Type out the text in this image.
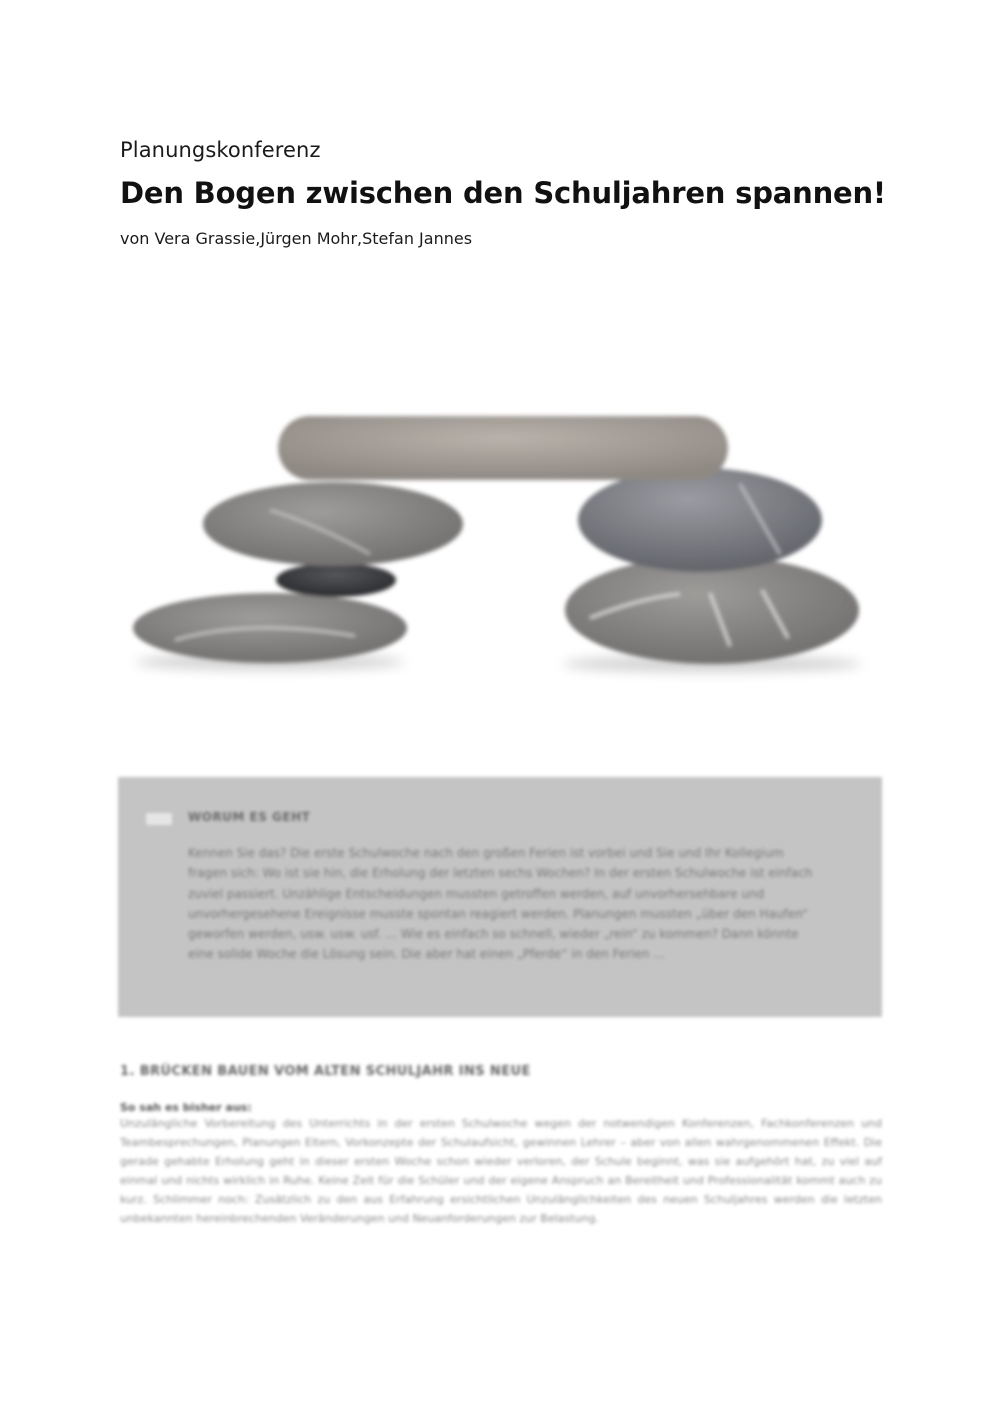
Planungskonferenz
Den Bogen zwischen den Schuljahren spannen!
von Vera Grassie,Jürgen Mohr,Stefan Jannes
WORUM ES GEHT
Kennen Sie das? Die erste Schulwoche nach den großen Ferien ist vorbei und Sie und Ihr Kollegium fragen sich: Wo ist sie hin, die Erholung der letzten sechs Wochen? In der ersten Schulwoche ist einfach zuviel passiert. Unzählige Entscheidungen mussten getroffen werden, auf unvorhersehbare und unvorhergesehene Ereignisse musste spontan reagiert werden. Planungen mussten „über den Haufen“ geworfen werden, usw. usw. usf. ... Wie es einfach so schnell, wieder „rein“ zu kommen? Dann könnte eine solide Woche die Lösung sein. Die aber hat einen „Pferde“ in den Ferien ...
1. BRÜCKEN BAUEN VOM ALTEN SCHULJAHR INS NEUE
So sah es bisher aus:
Unzulängliche Vorbereitung des Unterrichts in der ersten Schulwoche wegen der notwendigen Konferenzen, Fachkonferenzen und Teambesprechungen, Planungen Eltern, Vorkonzepte der Schulaufsicht, gewinnen Lehrer – aber von allen wahrgenommenen Effekt. Die gerade gehabte Erholung geht in dieser ersten Woche schon wieder verloren, der Schule beginnt, was sie aufgehört hat, zu viel auf einmal und nichts wirklich in Ruhe. Keine Zeit für die Schüler und der eigene Anspruch an Bereitheit und Professionalität kommt auch zu kurz. Schlimmer noch: Zusätzlich zu den aus Erfahrung ersichtlichen Unzulänglichkeiten des neuen Schuljahres werden die letzten unbekannten hereinbrechenden Veränderungen und Neuanforderungen zur Belastung.
